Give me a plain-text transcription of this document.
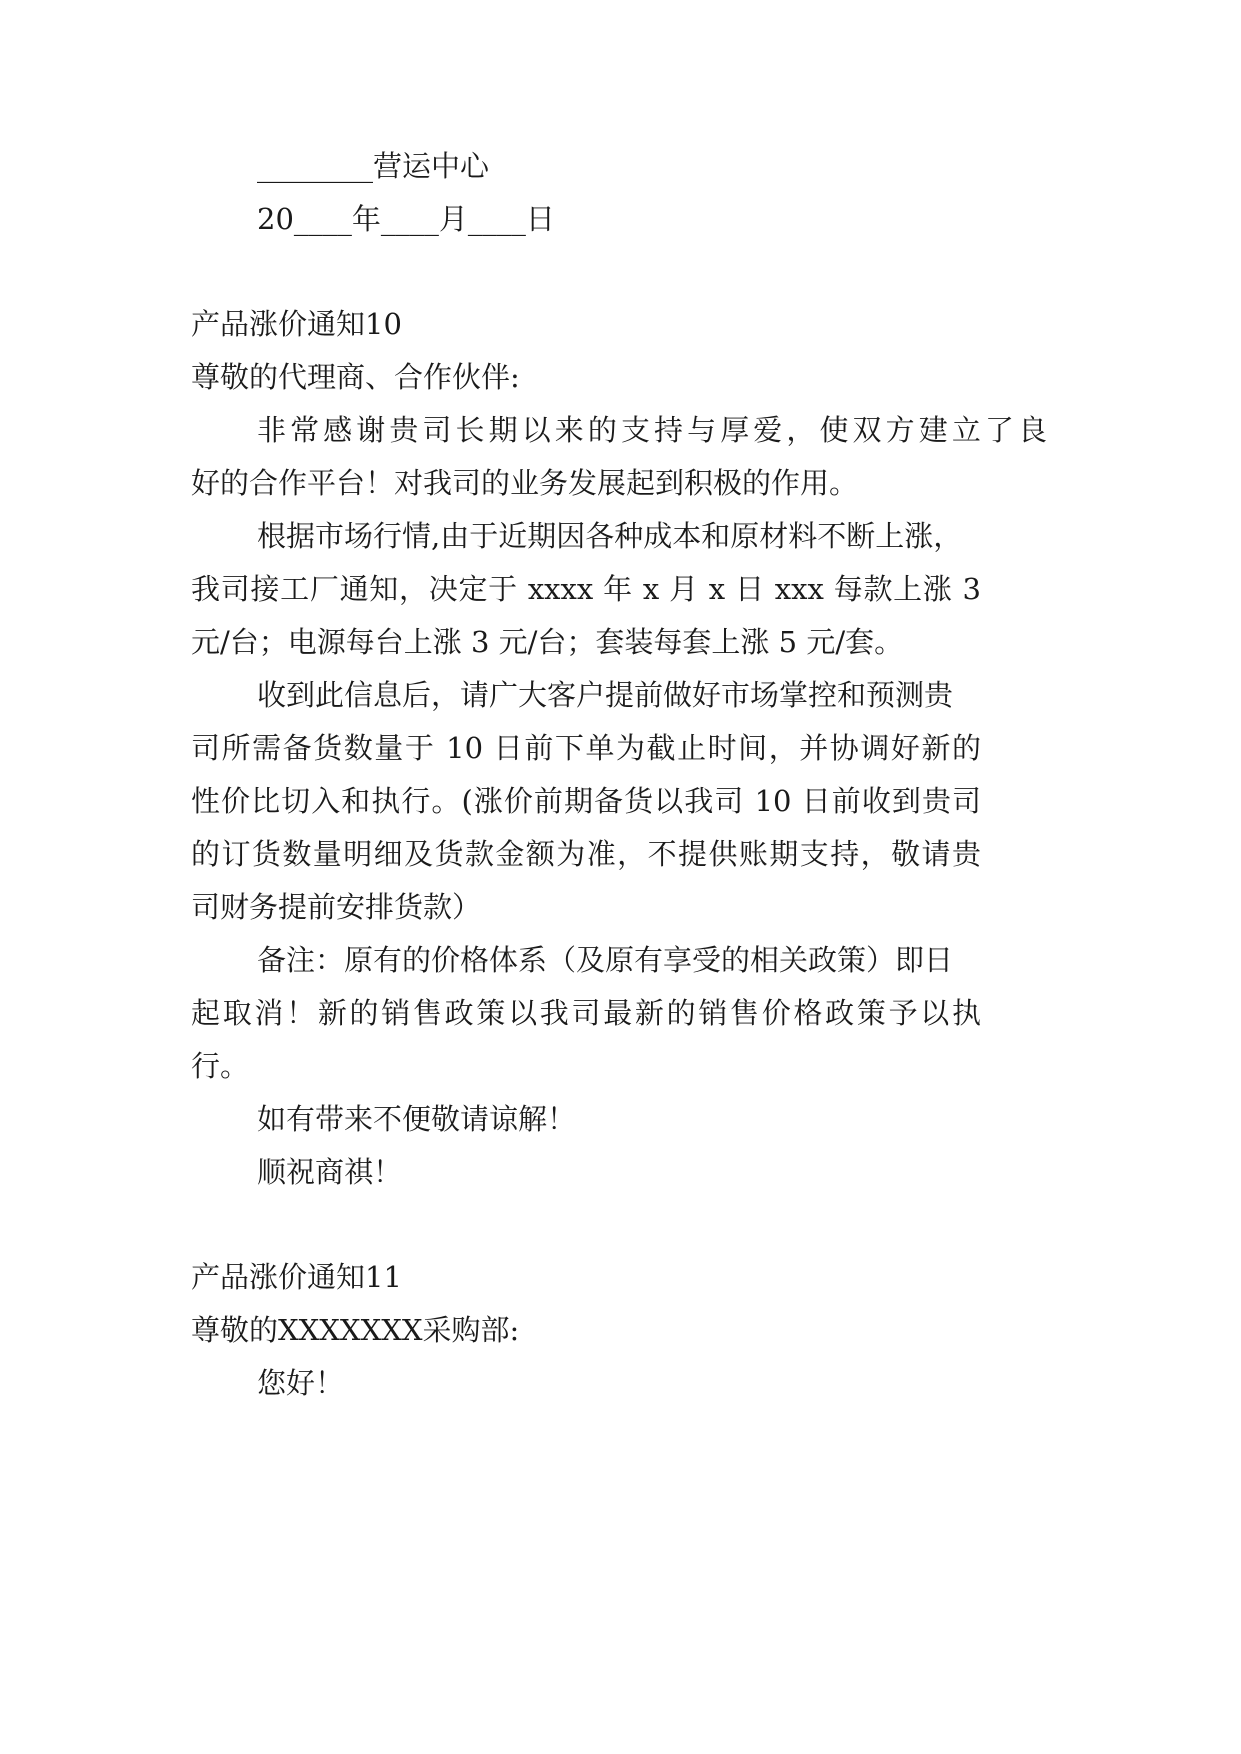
________营运中心
20____年____月____日
产品涨价通知10
尊敬的代理商、合作伙伴:
非常感谢贵司长期以来的支持与厚爱，使双方建立了良
好的合作平台！对我司的业务发展起到积极的作用。
根据市场行情,由于近期因各种成本和原材料不断上涨，
我司接工厂通知，决定于 xxxx 年 x 月 x 日 xxx 每款上涨 3
元/台；电源每台上涨 3 元/台；套装每套上涨 5 元/套。
收到此信息后，请广大客户提前做好市场掌控和预测贵
司所需备货数量于 10 日前下单为截止时间，并协调好新的
性价比切入和执行。(涨价前期备货以我司 10 日前收到贵司
的订货数量明细及货款金额为准，不提供账期支持，敬请贵
司财务提前安排货款）
备注：原有的价格体系（及原有享受的相关政策）即日
起取消！新的销售政策以我司最新的销售价格政策予以执
行。
如有带来不便敬请谅解！
顺祝商祺！
产品涨价通知11
尊敬的XXXXXXX采购部:
您好！
